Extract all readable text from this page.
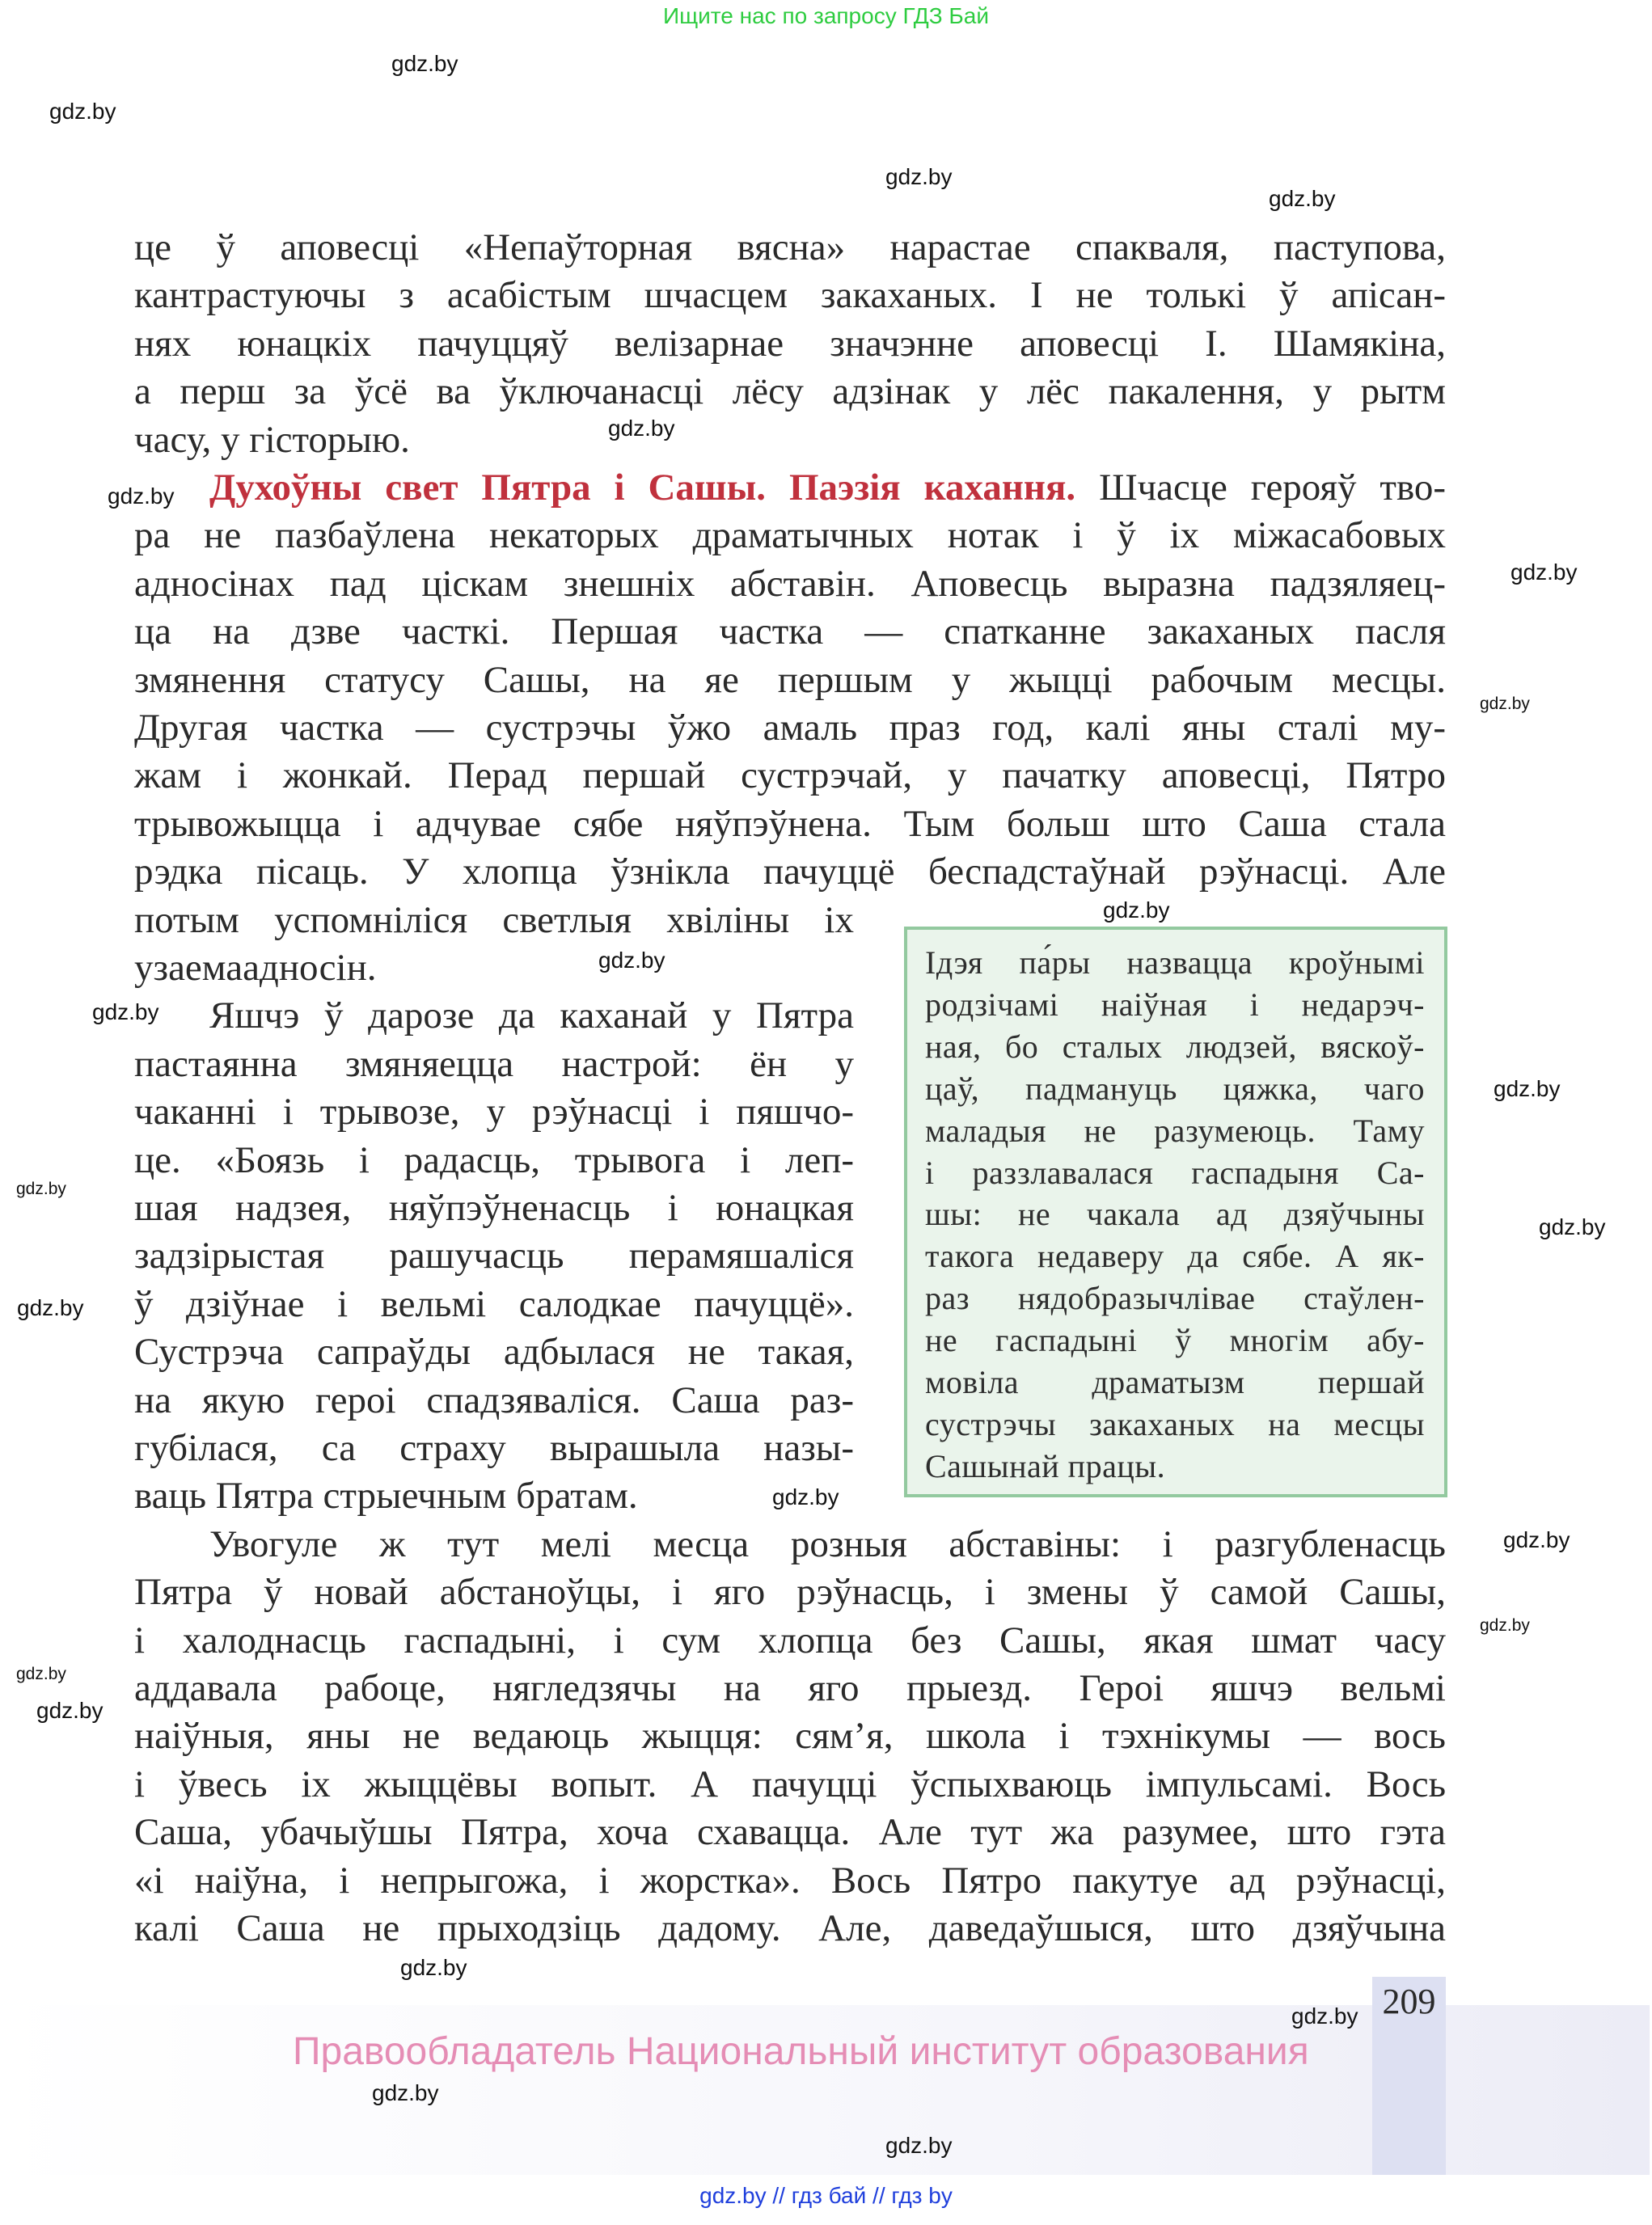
Ищите нас по запросу ГДЗ Бай
це ў аповесці «Непаўторная вясна» нарастае спакваля, паступова,
кантрастуючы з асабістым шчасцем закаханых. І не толькі ў апісан-
нях юнацкіх пачуццяў велізарнае значэнне аповесці І. Шамякіна,
а перш за ўсё ва ўключанасці лёсу адзінак у лёс пакалення, у рытм
часу, у гісторыю.
Духоўны свет Пятра і Сашы. Паэзія кахання. Шчасце герояў тво-
ра не пазбаўлена некаторых драматычных нотак і ў іх міжасабовых
адносінах пад ціскам знешніх абставін. Аповесць выразна падзяляец-
ца на дзве часткі. Першая частка — спатканне закаханых пасля
змянення статусу Сашы, на яе першым у жыцці рабочым месцы.
Другая частка — сустрэчы ўжо амаль праз год, калі яны сталі му-
жам і жонкай. Перад першай сустрэчай, у пачатку аповесці, Пятро
трывожыцца і адчувае сябе няўпэўнена. Тым больш што Саша стала
рэдка пісаць. У хлопца ўзнікла пачуццё беспадстаўнай рэўнасці. Але
потым успомніліся светлыя хвіліны іх
узаемаадносін.
Яшчэ ў дарозе да каханай у Пятра
пастаянна змяняецца настрой: ён у
чаканні і трывозе, у рэўнасці і пяшчо-
це. «Боязь і радасць, трывога і леп-
шая надзея, няўпэўненасць і юнацкая
задзірыстая рашучасць перамяшаліся
ў дзіўнае і вельмі салодкае пачуццё».
Сустрэча сапраўды адбылася не такая,
на якую героі спадзяваліся. Саша раз-
губілася, са страху вырашыла назы-
ваць Пятра стрыечным братам.
Увогуле ж тут мелі месца розныя абставіны: і разгубленасць
Пятра ў новай абстаноўцы, і яго рэўнасць, і змены ў самой Сашы,
і халоднасць гаспадыні, і сум хлопца без Сашы, якая шмат часу
аддавала рабоце, нягледзячы на яго прыезд. Героі яшчэ вельмі
наіўныя, яны не ведаюць жыцця: сям’я, школа і тэхнікумы — вось
і ўвесь іх жыццёвы вопыт. А пачуцці ўспыхваюць імпульсамі. Вось
Саша, убачыўшы Пятра, хоча схавацца. Але тут жа разумее, што гэта
«і наіўна, і непрыгожа, і жорстка». Вось Пятро пакутуе ад рэўнасці,
калі Саша не прыходзіць дадому. Але, даведаўшыся, што дзяўчына
Ідэя па́ры назвацца кроўнымі
родзічамі наіўная і недарэч-
ная, бо сталых людзей, вяскоў-
цаў, падмануць цяжка, чаго
маладыя не разумеюць. Таму
і раззлавалася гаспадыня Са-
шы: не чакала ад дзяўчыны
такога недаверу да сябе. А як-
раз нядобразычлівае стаўлен-
не гаспадыні ў многім абу-
мовіла драматызм першай
сустрэчы закаханых на месцы
Сашынай працы.
209
Правообладатель Национальный институт образования
gdz.by // гдз бай // гдз by
gdz.by
gdz.by
gdz.by
gdz.by
gdz.by
gdz.by
gdz.by
gdz.by
gdz.by
gdz.by
gdz.by
gdz.by
gdz.by
gdz.by
gdz.by
gdz.by
gdz.by
gdz.by
gdz.by
gdz.by
gdz.by
gdz.by
gdz.by
gdz.by
